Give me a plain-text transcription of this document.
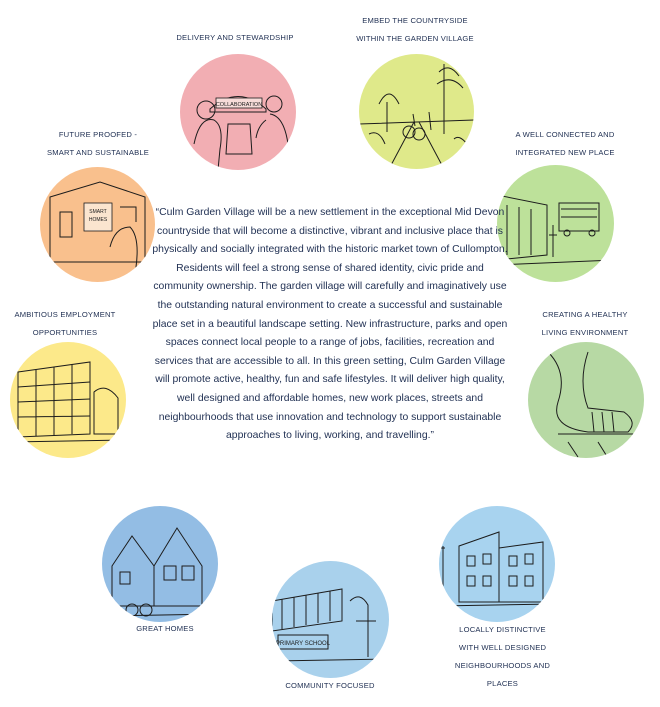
DELIVERY AND STEWARDSHIP
EMBED THE COUNTRYSIDE
WITHIN THE GARDEN VILLAGE
FUTURE PROOFED -
SMART AND SUSTAINABLE
A WELL CONNECTED AND
INTEGRATED NEW PLACE
AMBITIOUS EMPLOYMENT
OPPORTUNITIES
CREATING A HEALTHY
LIVING ENVIRONMENT
GREAT HOMES
COMMUNITY FOCUSED
LOCALLY DISTINCTIVE
WITH WELL DESIGNED
NEIGHBOURHOODS AND
PLACES
COLLABORATION
SMART HOMES
PRIMARY SCHOOL
“Culm Garden Village will be a new settlement in the exceptional Mid Devon countryside that will become a distinctive, vibrant and inclusive place that is physically and socially integrated with the historic market town of Cullompton. Residents will feel a strong sense of shared identity, civic pride and community ownership. The garden village will carefully and imaginatively use the outstanding natural environment to create a successful and sustainable place set in a beautiful landscape setting. New infrastructure, parks and open spaces connect local people to a range of jobs, facilities, recreation and services that are accessible to all. In this green setting, Culm Garden Village will promote active, healthy, fun and safe lifestyles. It will deliver high quality, well designed and affordable homes, new work places, streets and neighbourhoods that use innovation and technology to support sustainable approaches to living, working, and travelling.”
